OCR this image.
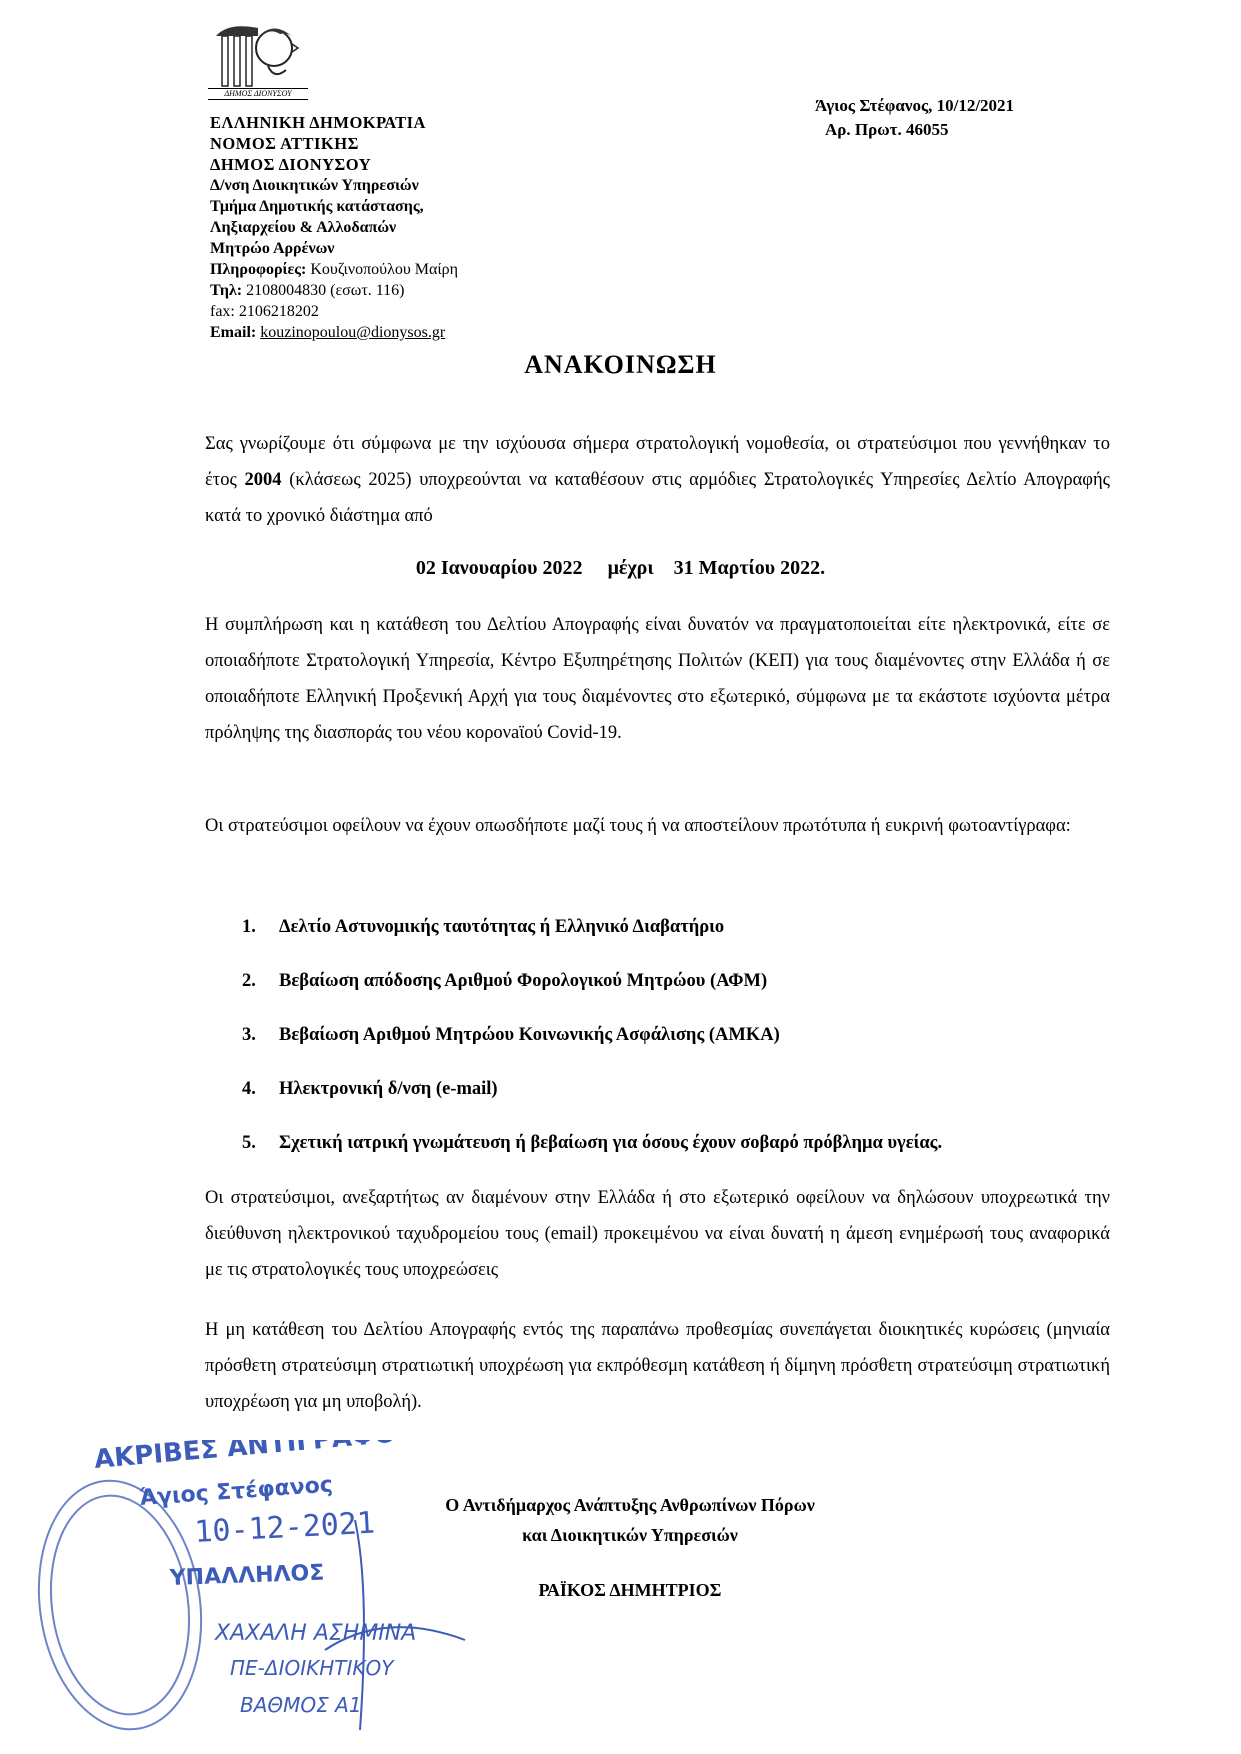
ΔΗΜΟΣ ΔΙΟΝΥΣΟΥ
ΕΛΛΗΝΙΚΗ ΔΗΜΟΚΡΑΤΙΑ
ΝΟΜΟΣ ΑΤΤΙΚΗΣ
ΔΗΜΟΣ ΔΙΟΝΥΣΟΥ
Δ/νση Διοικητικών Υπηρεσιών
Τμήμα Δημοτικής κατάστασης,
Ληξιαρχείου & Αλλοδαπών
Μητρώο Αρρένων
Πληροφορίες: Κουζινοπούλου Μαίρη
Τηλ: 2108004830 (εσωτ. 116)
fax: 2106218202
Email: kouzinopoulou@dionysos.gr
Άγιος Στέφανος, 10/12/2021
Αρ. Πρωτ. 46055
ΑΝΑΚΟΙΝΩΣΗ
Σας γνωρίζουμε ότι σύμφωνα με την ισχύουσα σήμερα στρατολογική νομοθεσία, οι στρατεύσιμοι που γεννήθηκαν το έτος 2004 (κλάσεως 2025) υποχρεούνται να καταθέσουν στις αρμόδιες Στρατολογικές Υπηρεσίες Δελτίο Απογραφής κατά το χρονικό διάστημα από
02 Ιανουαρίου 2022 μέχρι 31 Μαρτίου 2022.
Η συμπλήρωση και η κατάθεση του Δελτίου Απογραφής είναι δυνατόν να πραγματοποιείται είτε ηλεκτρονικά, είτε σε οποιαδήποτε Στρατολογική Υπηρεσία, Κέντρο Εξυπηρέτησης Πολιτών (ΚΕΠ) για τους διαμένοντες στην Ελλάδα ή σε οποιαδήποτε Ελληνική Προξενική Αρχή για τους διαμένοντες στο εξωτερικό, σύμφωνα με τα εκάστοτε ισχύοντα μέτρα πρόληψης της διασποράς του νέου κορονaϊού Covid-19.
Οι στρατεύσιμοι οφείλουν να έχουν οπωσδήποτε μαζί τους ή να αποστείλουν πρωτότυπα ή ευκρινή φωτοαντίγραφα:
1.	Δελτίο Αστυνομικής ταυτότητας ή Ελληνικό Διαβατήριο
2.	Βεβαίωση απόδοσης Αριθμού Φορολογικού Μητρώου (ΑΦΜ)
3.	Βεβαίωση Αριθμού Μητρώου Κοινωνικής Ασφάλισης (ΑΜΚΑ)
4.	Ηλεκτρονική δ/νση (e-mail)
5.	Σχετική ιατρική γνωμάτευση ή βεβαίωση για όσους έχουν σοβαρό πρόβλημα υγείας.
Οι στρατεύσιμοι, ανεξαρτήτως αν διαμένουν στην Ελλάδα ή στο εξωτερικό οφείλουν να δηλώσουν υποχρεωτικά την διεύθυνση ηλεκτρονικού ταχυδρομείου τους (email) προκειμένου να είναι δυνατή η άμεση ενημέρωσή τους αναφορικά με τις στρατολογικές τους υποχρεώσεις
Η μη κατάθεση του Δελτίου Απογραφής εντός της παραπάνω προθεσμίας συνεπάγεται διοικητικές κυρώσεις (μηνιαία πρόσθετη στρατεύσιμη στρατιωτική υποχρέωση για εκπρόθεσμη κατάθεση ή δίμηνη πρόσθετη στρατεύσιμη στρατιωτική υποχρέωση για μη υποβολή).
ΑΚΡΙΒΕΣ ΑΝΤΙΓΡΑΦΟ
Άγιος Στέφανος
10-12-2021
ΥΠΑΛΛΗΛΟΣ
ΧΑΧΑΛΗ ΑΣΗΜΙΝΑ
ΠΕ-ΔΙΟΙΚΗΤΙΚΟΥ
ΒΑΘΜΟΣ Α1
Ο Αντιδήμαρχος Ανάπτυξης Ανθρωπίνων Πόρων
και Διοικητικών Υπηρεσιών
ΡΑΪΚΟΣ ΔΗΜΗΤΡΙΟΣ
